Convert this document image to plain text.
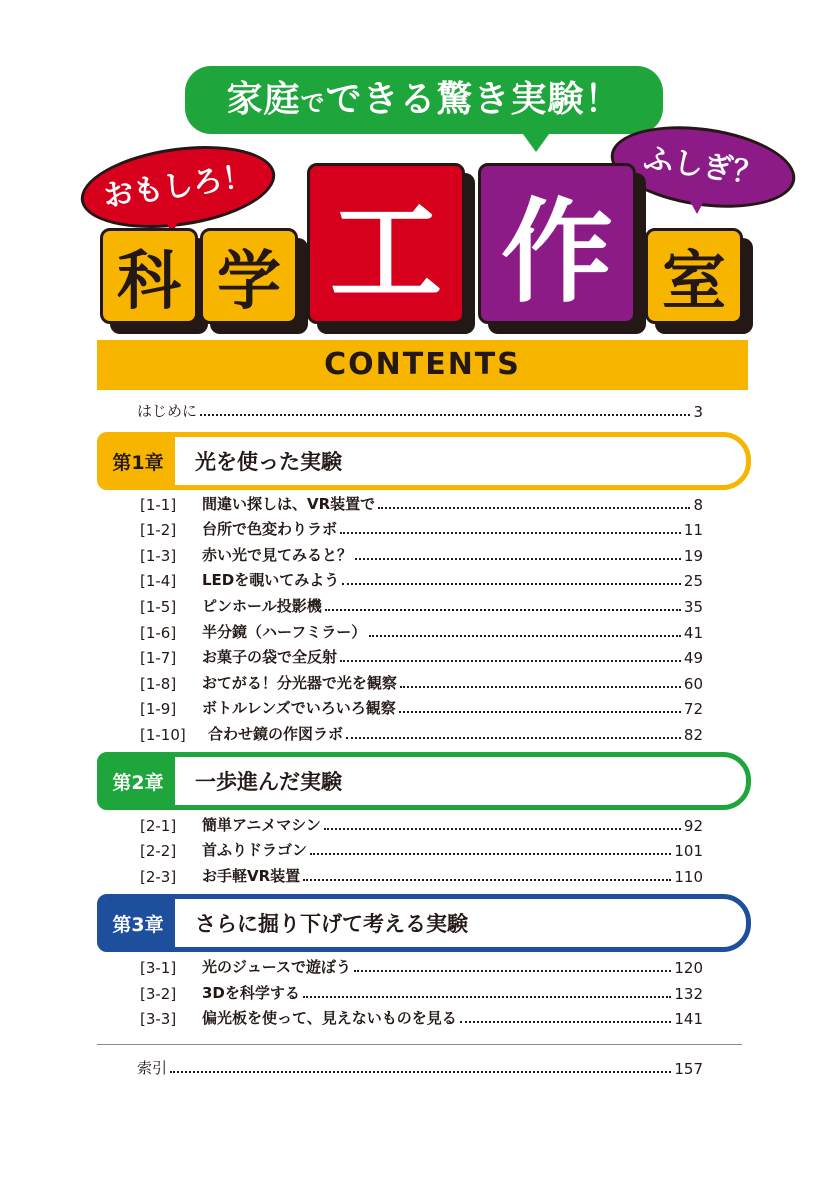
家庭でできる驚き実験！
おもしろ！	ふしぎ？
科 学 工 作 室
CONTENTS
はじめに	3
第1章	光を使った実験
[1-1]	間違い探しは、VR装置で	8
[1-2]	台所で色変わりラボ	11
[1-3]	赤い光で見てみると？	19
[1-4]	LEDを覗いてみよう	25
[1-5]	ピンホール投影機	35
[1-6]	半分鏡（ハーフミラー）	41
[1-7]	お菓子の袋で全反射	49
[1-8]	おてがる！分光器で光を観察	60
[1-9]	ボトルレンズでいろいろ観察	72
[1-10]	合わせ鏡の作図ラボ	82
第2章	一歩進んだ実験
[2-1]	簡単アニメマシン	92
[2-2]	首ふりドラゴン	101
[2-3]	お手軽VR装置	110
第3章	さらに掘り下げて考える実験
[3-1]	光のジュースで遊ぼう	120
[3-2]	3Dを科学する	132
[3-3]	偏光板を使って、見えないものを見る	141
索引	157
